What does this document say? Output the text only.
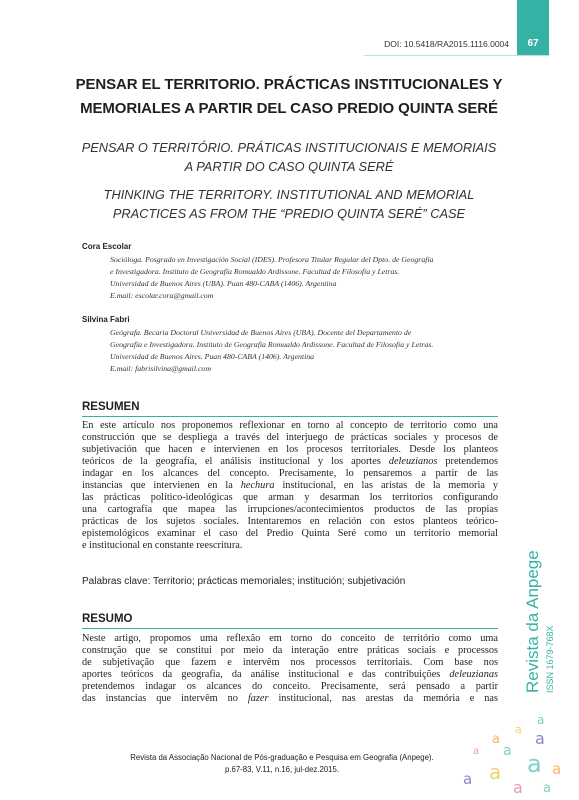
DOI: 10.5418/RA2015.1116.0004	67
PENSAR EL TERRITORIO. PRÁCTICAS INSTITUCIONALES Y
MEMORIALES A PARTIR DEL CASO PREDIO QUINTA SERÉ
PENSAR O TERRITÓRIO. PRÁTICAS INSTITUCIONAIS E MEMORIAIS
A PARTIR DO CASO QUINTA SERÉ
THINKING THE TERRITORY. INSTITUTIONAL AND MEMORIAL
PRACTICES AS FROM THE “PREDIO QUINTA SERÉ” CASE
Cora Escolar
Socióloga. Posgrado en Investigación Social (IDES). Profesora Titular Regular del Dpto. de Geografía
e Investigadora. Instituto de Geografía Romualdo Ardissone. Facultad de Filosofía y Letras.
Universidad de Buenos Aires (UBA). Puan 480-CABA (1406). Argentina
E.mail: escolar.cora@gmail.com
Silvina Fabri
Geógrafa. Becaria Doctoral Universidad de Buenos Aires (UBA). Docente del Departamento de
Geografía e Investigadora. Instituto de Geografía Romualdo Ardissone. Facultad de Filosofía y Letras.
Universidad de Buenos Aires. Puan 480-CABA (1406). Argentina
E.mail: fabrisilvina@gmail.com
RESUMEN
En este artículo nos proponemos reflexionar en torno al concepto de territorio como una
construcción que se despliega a través del interjuego de prácticas sociales y procesos de
subjetivación que hacen e intervienen en los procesos territoriales. Desde los planteos
teóricos de la geografía, el análisis institucional y los aportes deleuzianos pretendemos
indagar en los alcances del concepto. Precisamente, lo pensaremos a partir de las
instancias que intervienen en la hechura institucional, en las aristas de la memoria y
las prácticas político-ideológicas que arman y desarman los territorios configurando
una cartografía que mapea las irrupciones/acontecimientos productos de las propias
prácticas de los sujetos sociales. Intentaremos en relación con estos planteos teórico-
epistemológicos examinar el caso del Predio Quinta Seré como un territorio memorial
e institucional en constante reescritura.
Palabras clave: Territorio; prácticas memoriales; institución; subjetivación
RESUMO
Neste artigo, propomos uma reflexão em torno do conceito de território como uma
construção que se constitui por meio da interação entre práticas sociais e processos
de subjetivação que fazem e intervêm nos processos territoriais. Com base nos
aportes teóricos da geografia, da análise institucional e das contribuições deleuzianas
pretendemos indagar os alcances do conceito. Precisamente, será pensado a partir
das instancias que intervêm no fazer institucional, nas arestas da memória e nas
Revista da Associação Nacional de Pós-graduação e Pesquisa em Geografia (Anpege).
p.67-83, V.11, n.16, jul-dez.2015.
Revista da Anpege ISSN 1679-768X
a
a a
a
a
a a
a
a
a
a a
